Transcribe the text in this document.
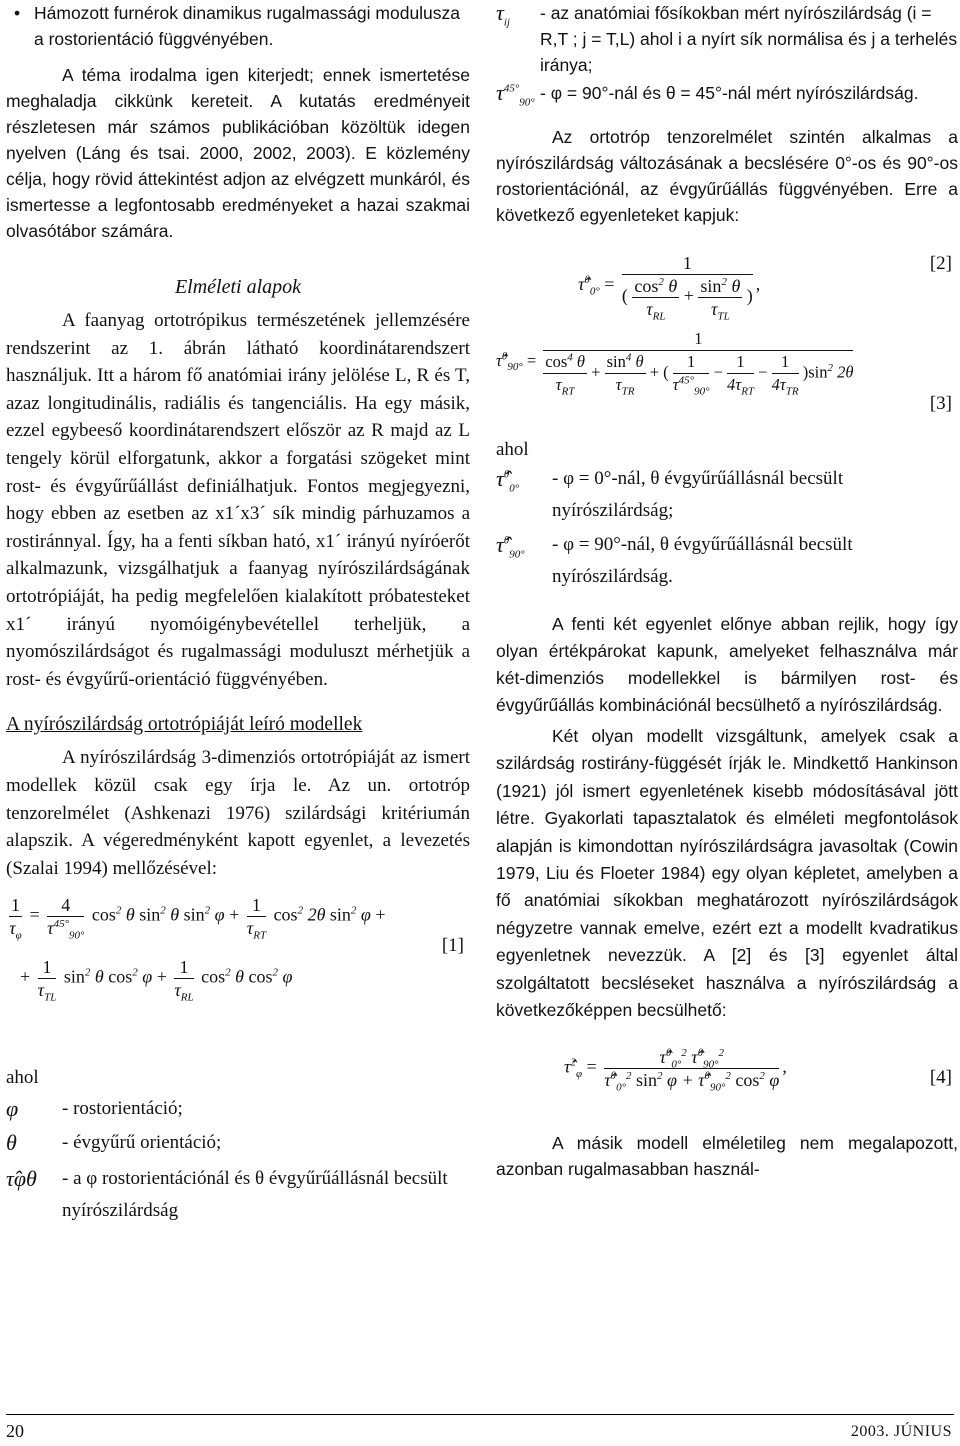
• Hámozott furnérok dinamikus rugalmassági modulusza a rostorientáció függvényében.

A téma irodalma igen kiterjedt; ennek ismertetése meghaladja cikkünk kereteit. A kutatás eredményeit részletesen már számos publikációban közöltük idegen nyelven (Láng és tsai. 2000, 2002, 2003). E közlemény célja, hogy rövid áttekintést adjon az elvégzett munkáról, és ismertesse a legfontosabb eredményeket a hazai szakmai olvasótábor számára.

Elméleti alapok

A faanyag ortotrópikus természetének jellemzésére rendszerint az 1. ábrán látható koordinátarendszert használjuk. Itt a három fő anatómiai irány jelölése L, R és T, azaz longitudinális, radiális és tangenciális. Ha egy másik, ezzel egybeeső koordinátarendszert először az R majd az L tengely körül elforgatunk, akkor a forgatási szögeket mint rost- és évgyűrűállást definiálhatjuk. Fontos megjegyezni, hogy ebben az esetben az x1´x3´ sík mindig párhuzamos a rostiránnyal. Így, ha a fenti síkban ható, x1´ irányú nyíróerőt alkalmazunk, vizsgálhatjuk a faanyag nyírószilárdságának ortotrópiáját, ha pedig megfelelően kialakított próbatesteket x1´ irányú nyomóigénybevétellel terheljük, a nyomószilárdságot és rugalmassági moduluszt mérhetjük a rost- és évgyűrű-orientáció függvényében.

A nyírószilárdság ortotrópiáját leíró modellek

A nyírószilárdság 3-dimenziós ortotrópiáját az ismert modellek közül csak egy írja le. Az un. ortotróp tenzorelmélet (Ashkenazi 1976) szilárdsági kritériumán alapszik. A végeredményként kapott egyenlet, a levezetés (Szalai 1994) mellőzésével:

$\frac{1}{\tau_\varphi} = \frac{4}{\tau^{45^\circ}_{90^\circ}} \cos^2 \theta$ $\sin^2 \theta$ $\sin^2 \varphi + \frac{1}{\tau_{RT}} \cos^2 2\theta$ $\sin^2 \varphi$ +
[1]
+ $\frac{1}{\tau_{TL}} \sin^2 \theta$ $\cos^2 \varphi + \frac{1}{\tau_{RL}} \cos^2 \theta$ $\cos^2 \varphi$

ahol

φ - rostorientáció;
θ - évgyűrű orientáció;
τ̂φθ - a φ rostorientációnál és θ évgyűrűállásnál becsült nyírószilárdság
$\tau_{ij}$ - az anatómiai fősíkokban mért nyírószilárdság (i = R,T ; j = T,L) ahol i a nyírt sík normálisa és j a terhelés iránya;
$\tau^{45^\circ}_{90^\circ}$ - φ = 90°-nál és θ = 45°-nál mért nyírószilárdság.

Az ortotróp tenzorelmélet szintén alkalmas a nyírószilárdság változásának a becslésére 0°-os és 90°-os rostorientációnál, az évgyűrűállás függvényében. Erre a következő egyenleteket kapjuk:

τ̂$^\theta_{0^\circ}$ = $\frac{1}{( \frac{\cos^2 \theta}{\tau_{RL}} + \frac{\sin^2 \theta}{\tau_{TL}} )}$ ,
[2]
τ̂$^\theta_{90^\circ}$ =
1
$\frac{\cos^4 \theta}{\tau_{RT}} + \frac{\sin^4 \theta}{\tau_{TR}}$ + ( $\frac{1}{\tau^{45^\circ}_{90^\circ}} - \frac{1}{4\tau_{RT}} - \frac{1}{4\tau_{TR}} )\sin^2$ 2θ
[3]

ahol

τ̂$^\theta_{0^\circ}$ - φ = 0°-nál, θ évgyűrűállásnál becsült nyírószilárdság;
τ̂$^\theta_{90^\circ}$ - φ = 90°-nál, θ évgyűrűállásnál becsült nyírószilárdság.

A fenti két egyenlet előnye abban rejlik, hogy így olyan értékpárokat kapunk, amelyeket felhasználva már két-dimenziós modellekkel is bármilyen rost- és évgyűrűállás kombinációnál becsülhető a nyírószilárdság.

Két olyan modellt vizsgáltunk, amelyek csak a szilárdság rostirány-függését írják le. Mindkettő Hankinson (1921) jól ismert egyenletének kisebb módosításával jött létre. Gyakorlati tapasztalatok és elméleti megfontolások alapján is kimondottan nyírószilárdságra javasoltak (Cowin 1979, Liu és Floeter 1984) egy olyan képletet, amelyben a fő anatómiai síkokban meghatározott nyírószilárdságok négyzetre vannak emelve, ezért ezt a modellt kvadratikus egyenletnek nevezzük. A [2] és [3] egyenlet által szolgáltatott becsléseket használva a nyírószilárdság a következőképpen becsülhető:

τ̂$^2_\varphi$ = $\frac{\taû^\theta_{0^\circ}^2 \taû^\theta_{90^\circ}^2}{\taû^\theta_{0^\circ}^2 \sin^2 \varphi + \taû^\theta_{90^\circ}^2 \cos^2 \varphi}$ ,
[4]

A másik modell elméletileg nem megalapozott, azonban rugalmasabban használ-

20	2003. JÚNIUS
